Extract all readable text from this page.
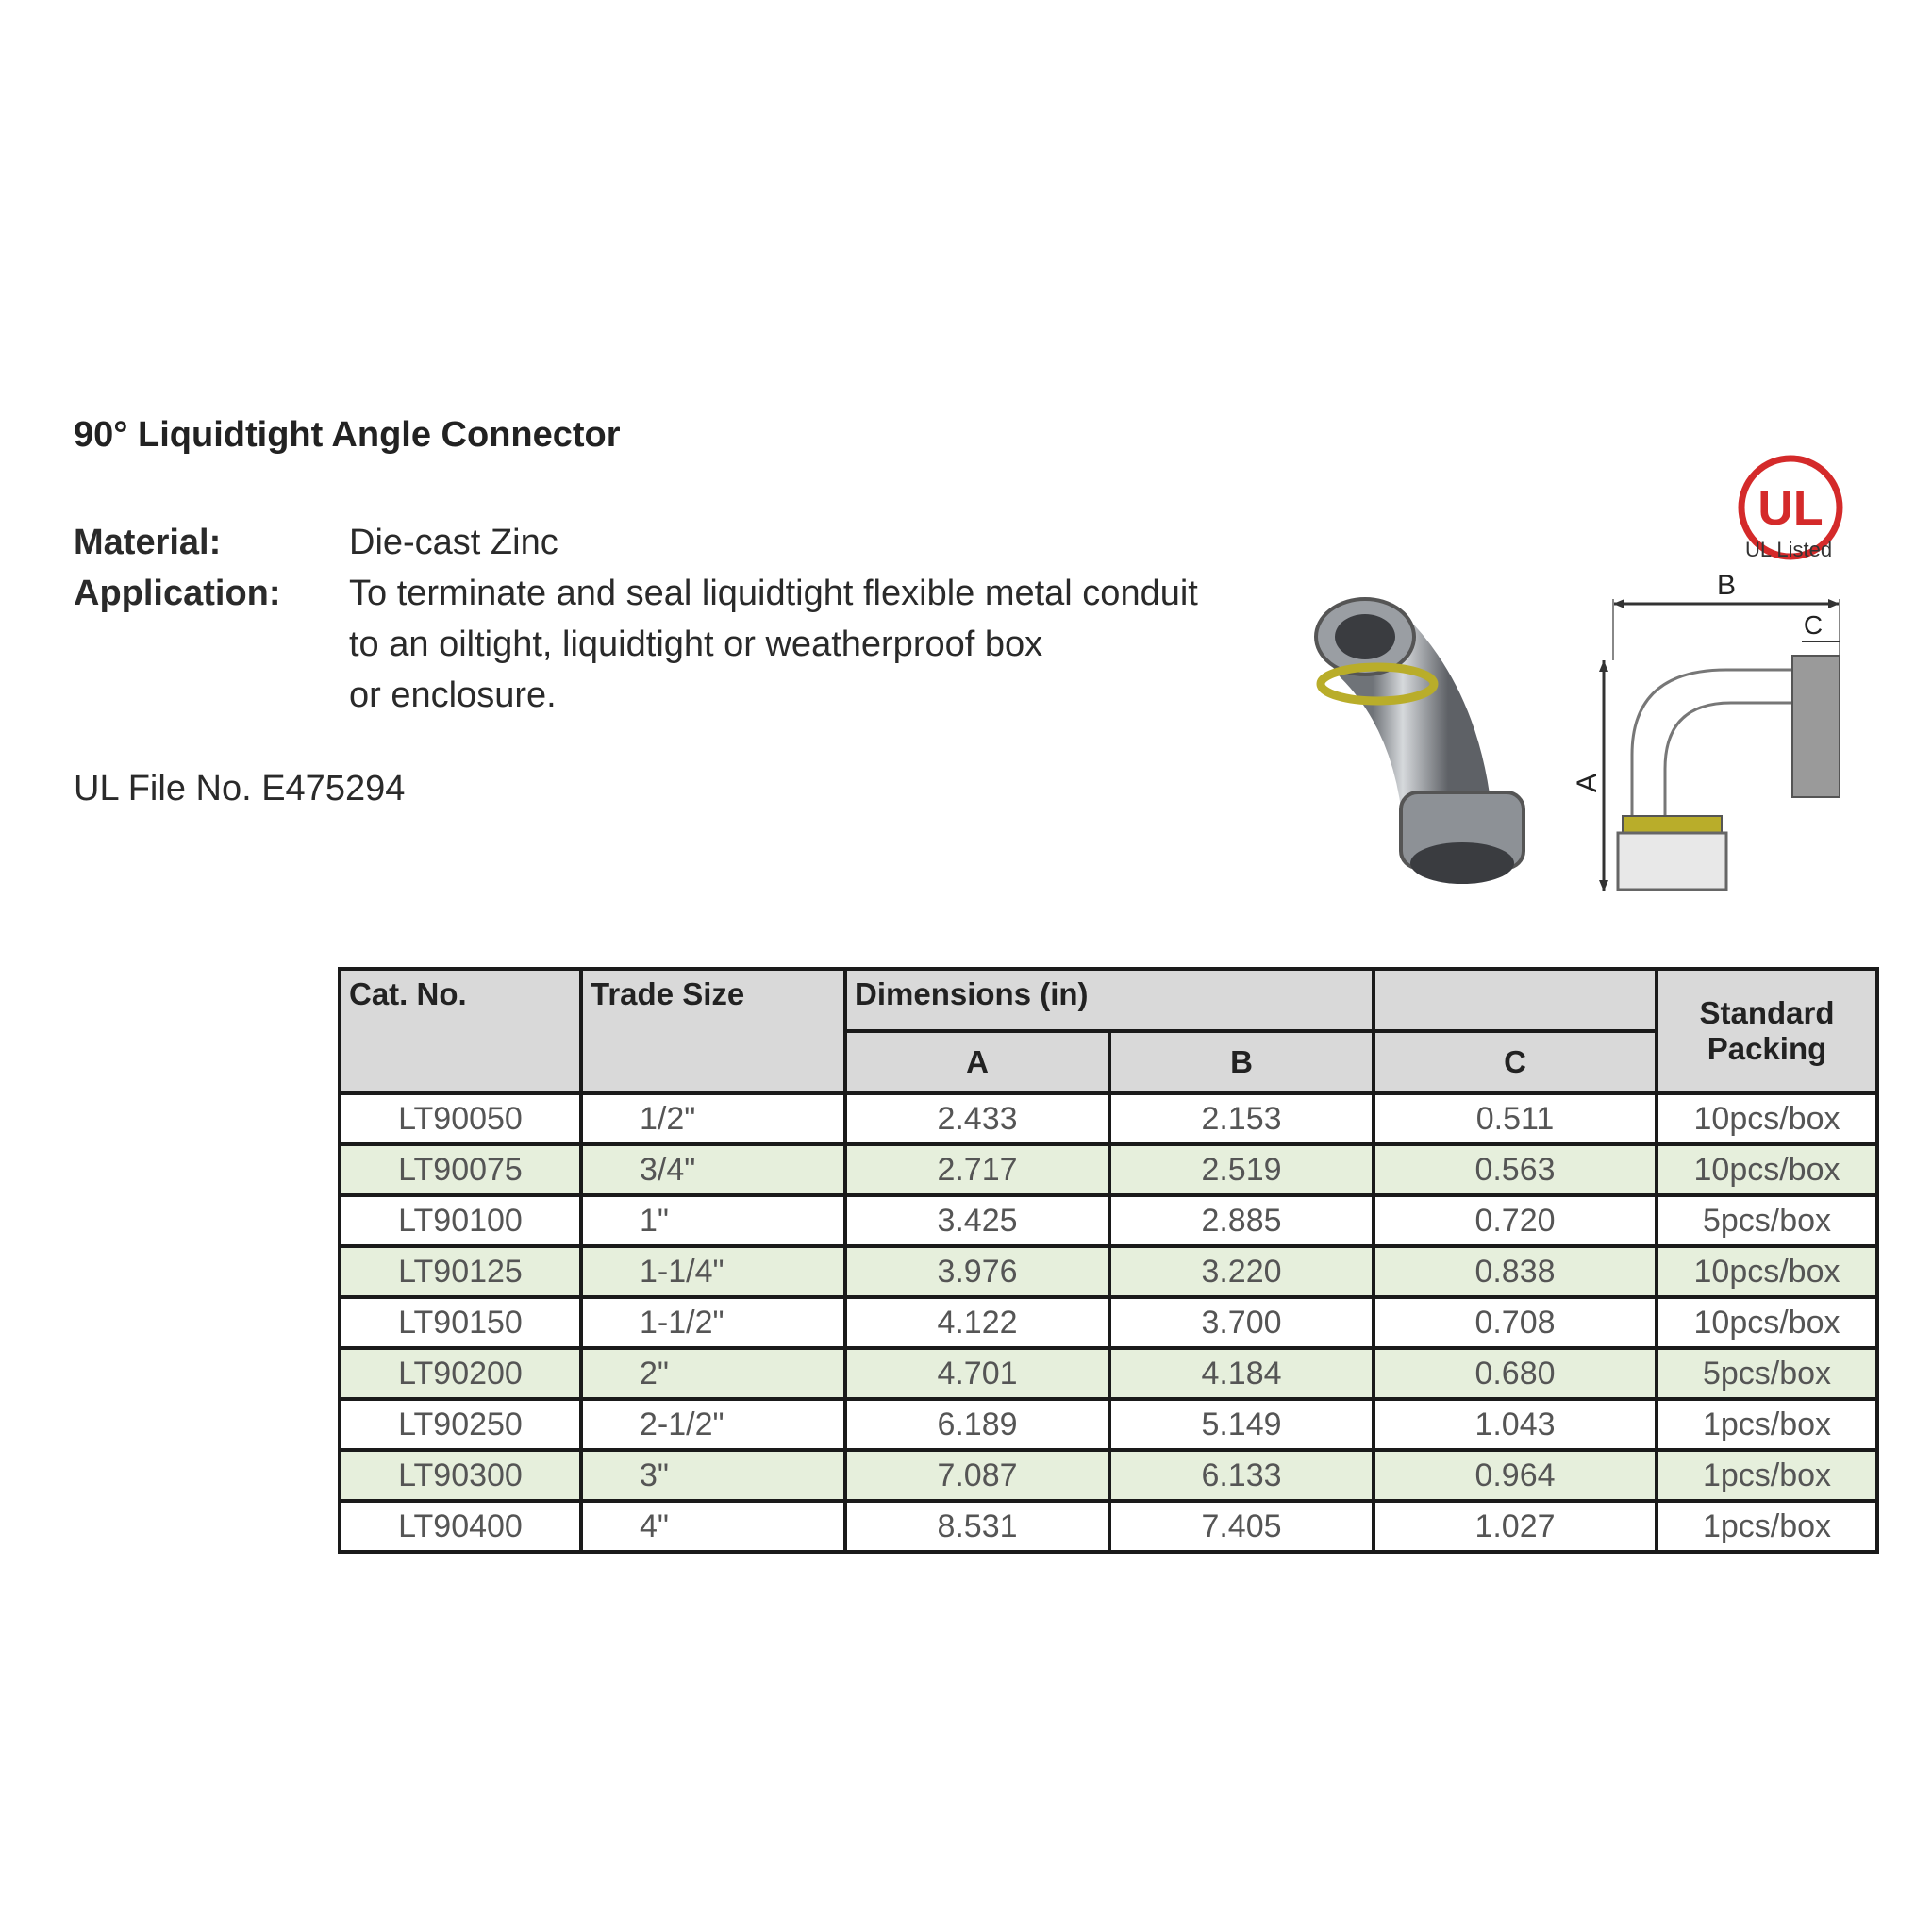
90° Liquidtight Angle Connector
Material:	Die-cast Zinc
Application: To terminate and seal liquidtight flexible metal conduit
to an oiltight, liquidtight or weatherproof box
or enclosure.
UL File No. E475294
UL
UL Listed
B
A
C
Cat. No.	Trade Size	Dimensions (in)			Standard
Packing

		A	B	C	
LT90050	1/2"	2.433	2.153	0.511	10pcs/box
LT90075	3/4"	2.717	2.519	0.563	10pcs/box
LT90100	1"	3.425	2.885	0.720	5pcs/box
LT90125	1-1/4"	3.976	3.220	0.838	10pcs/box
LT90150	1-1/2"	4.122	3.700	0.708	10pcs/box
LT90200	2"	4.701	4.184	0.680	5pcs/box
LT90250	2-1/2"	6.189	5.149	1.043	1pcs/box
LT90300	3"	7.087	6.133	0.964	1pcs/box
LT90400	4"	8.531	7.405	1.027	1pcs/box
